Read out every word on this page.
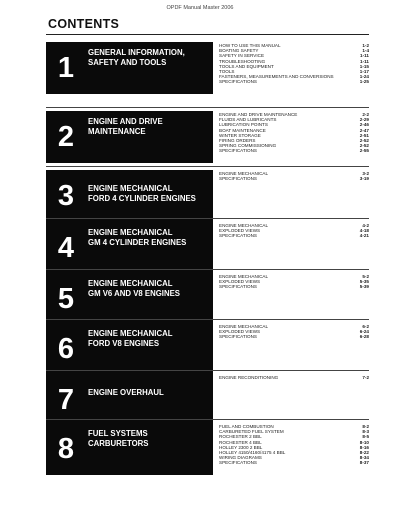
OPDF Manual Master 2006
CONTENTS
1	GENERAL INFORMATION,
SAFETY AND TOOLS
HOW TO USE THIS MANUAL	1-2
BOATING SAFETY	1-4
SAFETY IN SERVICE	1-11
TROUBLESHOOTING	1-11
TOOLS AND EQUIPMENT	1-15
TOOLS	1-17
FASTENERS, MEASUREMENTS AND CONVERSIONS	1-24
SPECIFICATIONS	1-25
2	ENGINE AND DRIVE
MAINTENANCE
ENGINE AND DRIVE MAINTENANCE	2-2
FLUIDS AND LUBRICANTS	2-29
LUBRICATION POINTS	2-46
BOAT MAINTENANCE	2-47
WINTER STORAGE	2-51
FIRING ORDERS	2-52
SPRING COMMISSIONING	2-52
SPECIFICATIONS	2-55
3	ENGINE MECHANICAL
FORD 4 CYLINDER ENGINES
ENGINE MECHANICAL	3-2
SPECIFICATIONS	3-19
4	ENGINE MECHANICAL
GM 4 CYLINDER ENGINES
ENGINE MECHANICAL	4-2
EXPLODED VIEWS	4-18
SPECIFICATIONS	4-21
5	ENGINE MECHANICAL
GM V6 AND V8 ENGINES
ENGINE MECHANICAL	5-2
EXPLODED VIEWS	5-35
SPECIFICATIONS	5-39
6	ENGINE MECHANICAL
FORD V8 ENGINES
ENGINE MECHANICAL	6-2
EXPLODED VIEWS	6-24
SPECIFICATIONS	6-28
7	ENGINE OVERHAUL
ENGINE RECONDITIONING	7-2
8	FUEL SYSTEMS
CARBURETORS
FUEL AND COMBUSTION	8-2
CARBURETED FUEL SYSTEM	8-3
ROCHESTER 2 BBL	8-5
ROCHESTER 4 BBL	8-10
HOLLEY 2300 2 BBL	8-16
HOLLEY 4150/4160/4175 4 BBL	8-22
WIRING DIAGRAMS	8-34
SPECIFICATIONS	8-37
